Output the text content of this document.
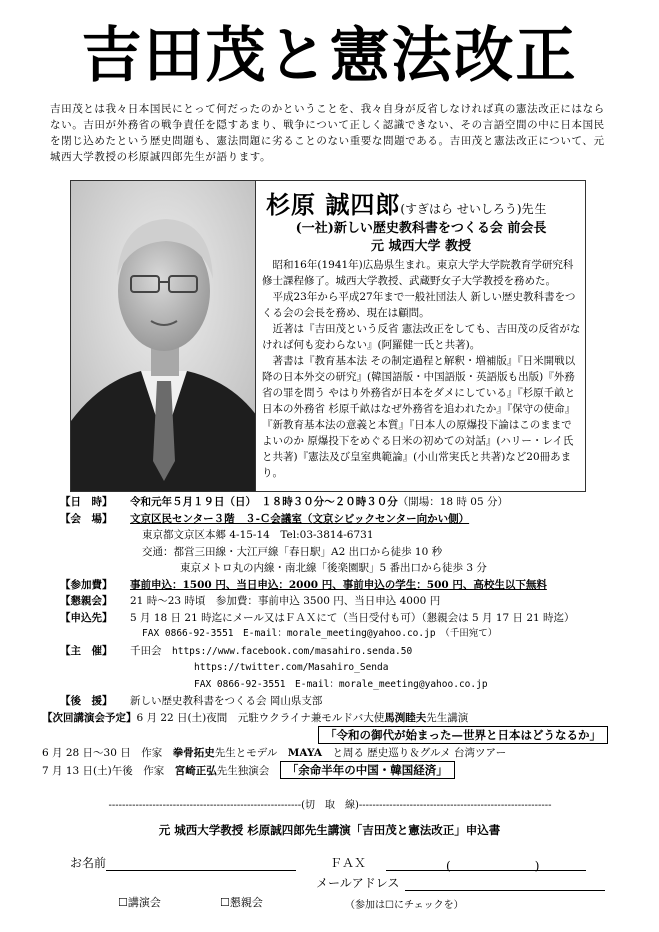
吉田茂と憲法改正
吉田茂とは我々日本国民にとって何だったのかということを、我々自身が反省しなければ真の憲法改正にはならない。吉田が外務省の戦争責任を隠すあまり、戦争について正しく認識できない、その言語空間の中に日本国民を閉じ込めたという歴史問題も、憲法問題に劣ることのない重要な問題である。吉田茂と憲法改正について、元 城西大学教授の杉原誠四郎先生が語ります。
杉原 誠四郎(すぎはら せいしろう)先生
(一社)新しい歴史教科書をつくる会 前会長
元 城西大学 教授

昭和16年(1941年)広島県生まれ。東京大学大学院教育学研究科修士課程修了。城西大学教授、武蔵野女子大学教授を務めた。

平成23年から平成27年まで一般社団法人 新しい歴史教科書をつくる会の会長を務め、現在は顧問。

近著は『吉田茂という反省 憲法改正をしても、吉田茂の反省がなければ何も変わらない』(阿羅健一氏と共著)。

著書は『教育基本法 その制定過程と解釈・増補版』『日米開戦以降の日本外交の研究』(韓国語版・中国語版・英語版も出版)『外務省の罪を問う やはり外務省が日本をダメにしている』『杉原千畝と日本の外務省 杉原千畝はなぜ外務省を追われたか』『保守の使命』『新教育基本法の意義と本質』『日本人の原爆投下論はこのままでよいのか 原爆投下をめぐる日米の初めての対話』(ハリー・レイ氏と共著)『憲法及び皇室典範論』(小山常実氏と共著)など20冊あまり。

【日　時】	令和元年５月１９日（日）　１８時３０分～２０時３０分（開場：18 時 05 分）
【会　場】	文京区民センター３階　３‐Ｃ会議室（文京シビックセンター向かい側）
東京都文京区本郷 4-15-14　Tel:03-3814-6731
交通：都営三田線・大江戸線「春日駅」A2 出口から徒歩 10 秒
東京メトロ丸の内線・南北線「後楽園駅」5 番出口から徒歩 3 分
【参加費】	事前申込：1500 円、当日申込：2000 円、事前申込の学生：500 円、高校生以下無料
【懇親会】	21 時～23 時頃　参加費：事前申込 3500 円、当日申込 4000 円
【申込先】	5 月 18 日 21 時迄にメール又はＦＡＸにて（当日受付も可）（懇親会は 5 月 17 日 21 時迄）
FAX 0866-92-3551　E-mail：morale_meeting@yahoo.co.jp　（千田宛て）
【主　催】	千田会　 https://www.facebook.com/masahiro.senda.50
https://twitter.com/Masahiro_Senda
FAX 0866-92-3551　E-mail：morale_meeting@yahoo.co.jp
【後　援】	新しい歴史教科書をつくる会 岡山県支部
【次回講演会予定】6 月 22 日(土)夜間　元駐ウクライナ兼モルドバ大使馬渕睦夫先生講演
「令和の御代が始まった—世界と日本はどうなるか」
6 月 28 日～30 日　作家　 拳骨拓史先生とモデル　 MAYA　 と周る 歴史巡り＆グルメ 台湾ツアー
7 月 13 日(土)午後　作家　 宮崎正弘先生独演会　 「余命半年の中国・韓国経済」
---------------------------------------------------------(切　取　線)---------------------------------------------------------
元 城西大学教授 杉原誠四郎先生講演「吉田茂と憲法改正」申込書
お名前	ＦＡＸ	(　　　　　　　)
メールアドレス
☐講演会	☐懇親会	（参加は☐にチェックを）
